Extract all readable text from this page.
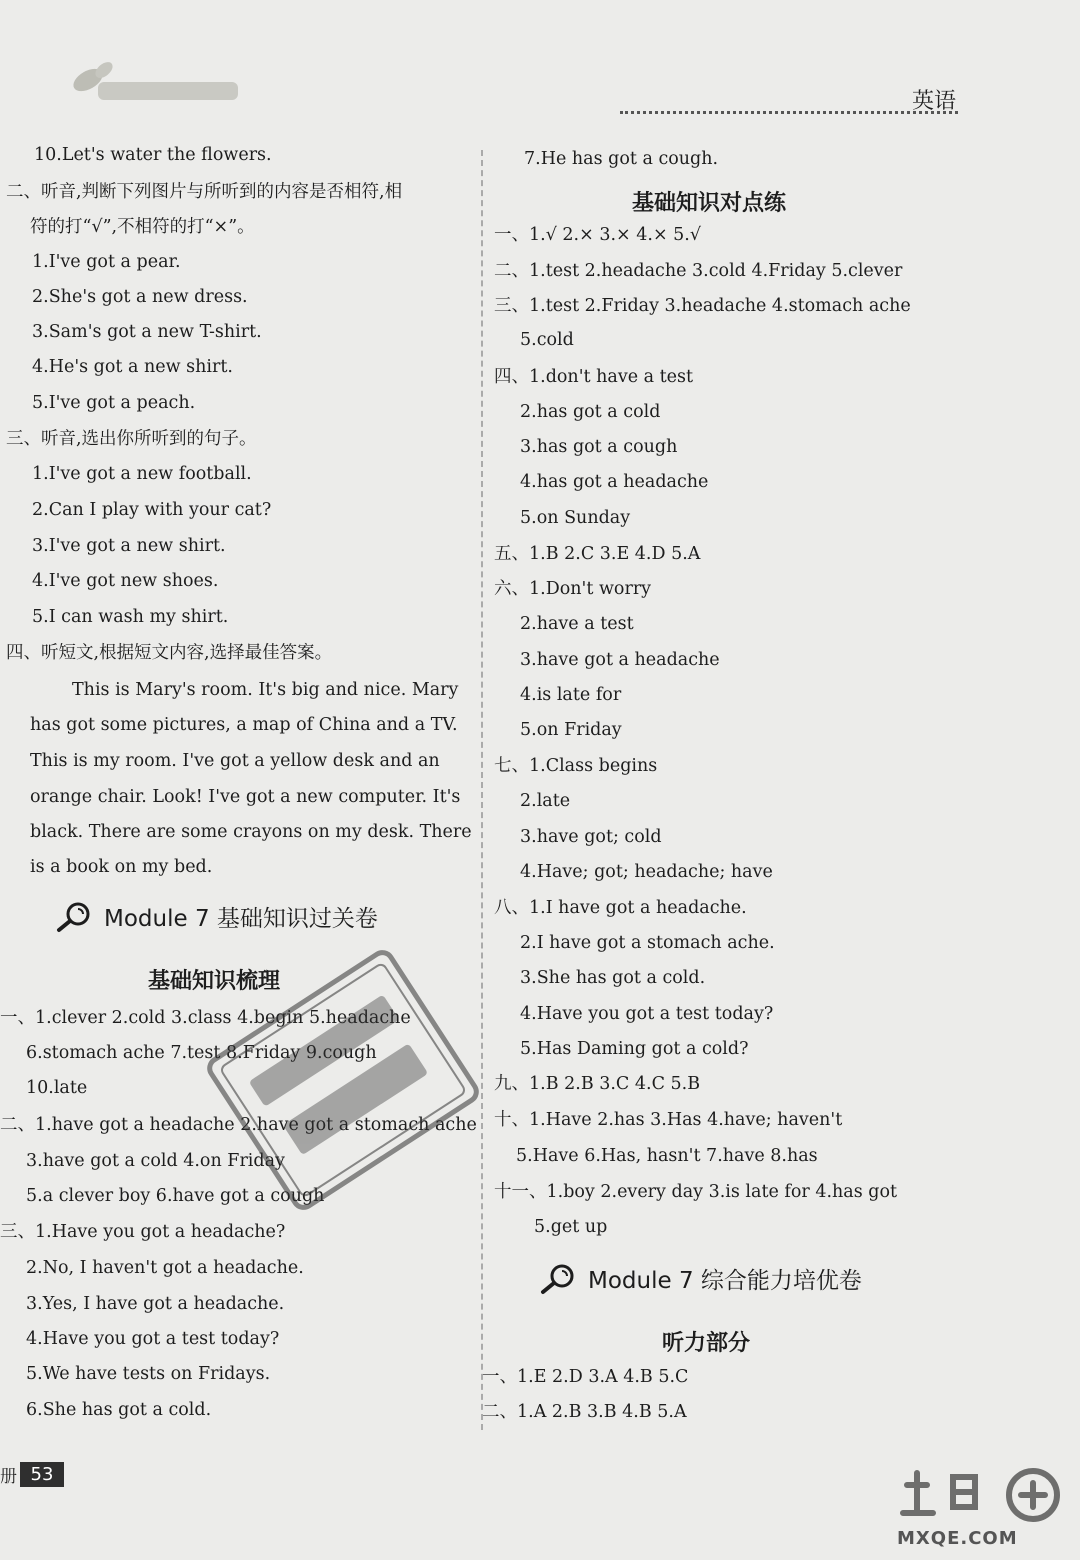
英语
10.Let's water the flowers.
二、听音,判断下列图片与所听到的内容是否相符,相
符的打“√”,不相符的打“×”。
1.I've got a pear.
2.She's got a new dress.
3.Sam's got a new T-shirt.
4.He's got a new shirt.
5.I've got a peach.
三、听音,选出你所听到的句子。
1.I've got a new football.
2.Can I play with your cat?
3.I've got a new shirt.
4.I've got new shoes.
5.I can wash my shirt.
四、听短文,根据短文内容,选择最佳答案。
This is Mary's room. It's big and nice. Mary
has got some pictures, a map of China and a TV.
This is my room. I've got a yellow desk and an
orange chair. Look! I've got a new computer. It's
black. There are some crayons on my desk. There
is a book on my bed.
Module 7 基础知识过关卷
基础知识梳理
一、1.clever 2.cold 3.class 4.begin 5.headache
6.stomach ache 7.test 8.Friday 9.cough
10.late
二、1.have got a headache 2.have got a stomach ache
3.have got a cold 4.on Friday
5.a clever boy 6.have got a cough
三、1.Have you got a headache?
2.No, I haven't got a headache.
3.Yes, I have got a headache.
4.Have you got a test today?
5.We have tests on Fridays.
6.She has got a cold.
7.He has got a cough.
基础知识对点练
一、1.√ 2.× 3.× 4.× 5.√
二、1.test 2.headache 3.cold 4.Friday 5.clever
三、1.test 2.Friday 3.headache 4.stomach ache
5.cold
四、1.don't have a test
2.has got a cold
3.has got a cough
4.has got a headache
5.on Sunday
五、1.B 2.C 3.E 4.D 5.A
六、1.Don't worry
2.have a test
3.have got a headache
4.is late for
5.on Friday
七、1.Class begins
2.late
3.have got; cold
4.Have; got; headache; have
八、1.I have got a headache.
2.I have got a stomach ache.
3.She has got a cold.
4.Have you got a test today?
5.Has Daming got a cold?
九、1.B 2.B 3.C 4.C 5.B
十、1.Have 2.has 3.Has 4.have; haven't
5.Have 6.Has, hasn't 7.have 8.has
十一、1.boy 2.every day 3.is late for 4.has got
5.get up
Module 7 综合能力培优卷
听力部分
一、1.E 2.D 3.A 4.B 5.C
二、1.A 2.B 3.B 4.B 5.A
册 53
MXQE.COM
